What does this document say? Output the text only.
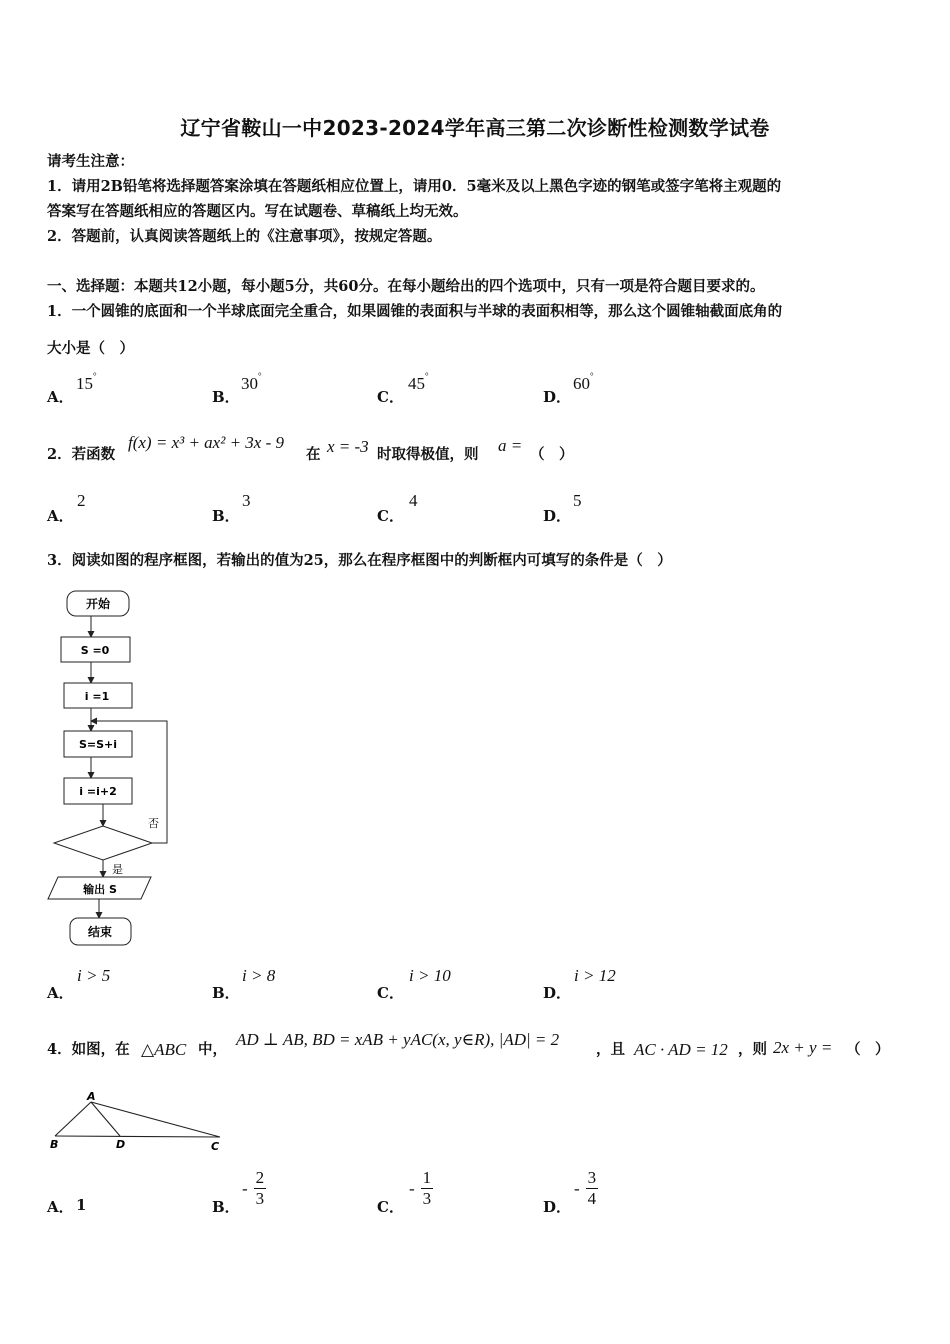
辽宁省鞍山一中2023-2024学年高三第二次诊断性检测数学试卷
请考生注意：
1．请用2B铅笔将选择题答案涂填在答题纸相应位置上，请用0．5毫米及以上黑色字迹的钢笔或签字笔将主观题的
答案写在答题纸相应的答题区内。写在试题卷、草稿纸上均无效。
2．答题前，认真阅读答题纸上的《注意事项》，按规定答题。
一、选择题：本题共12小题，每小题5分，共60分。在每小题给出的四个选项中，只有一项是符合题目要求的。
1．一个圆锥的底面和一个半球底面完全重合，如果圆锥的表面积与半球的表面积相等，那么这个圆锥轴截面底角的
大小是（　）
A．
15°
B．
30°
C．
45°
D．
60°
2．若函数
f(x) = x³ + ax² + 3x - 9
在 x = -3 时取得极值，则 a = （　）
A．
2
B．
3
C．
4
D．
5
3．阅读如图的程序框图，若输出的值为25，那么在程序框图中的判断框内可填写的条件是（　）
开始
S =0
i =1
S=S+i
i =i+2
否
是
输出 S
结束
A．
i > 5
B．
i > 8
C．
i > 10
D．
i > 12
4．如图，在 △ABC 中，
AD ⊥ AB, BD = xAB + yAC(x, y∈R), |AD| = 2
，且 AC · AD = 12 ，则 2x + y = （　）
A
B	D	C
A． 1	B．
- $\frac{2}{3}$	C．
- $\frac{1}{3}$	D．
- $\frac{3}{4}$
